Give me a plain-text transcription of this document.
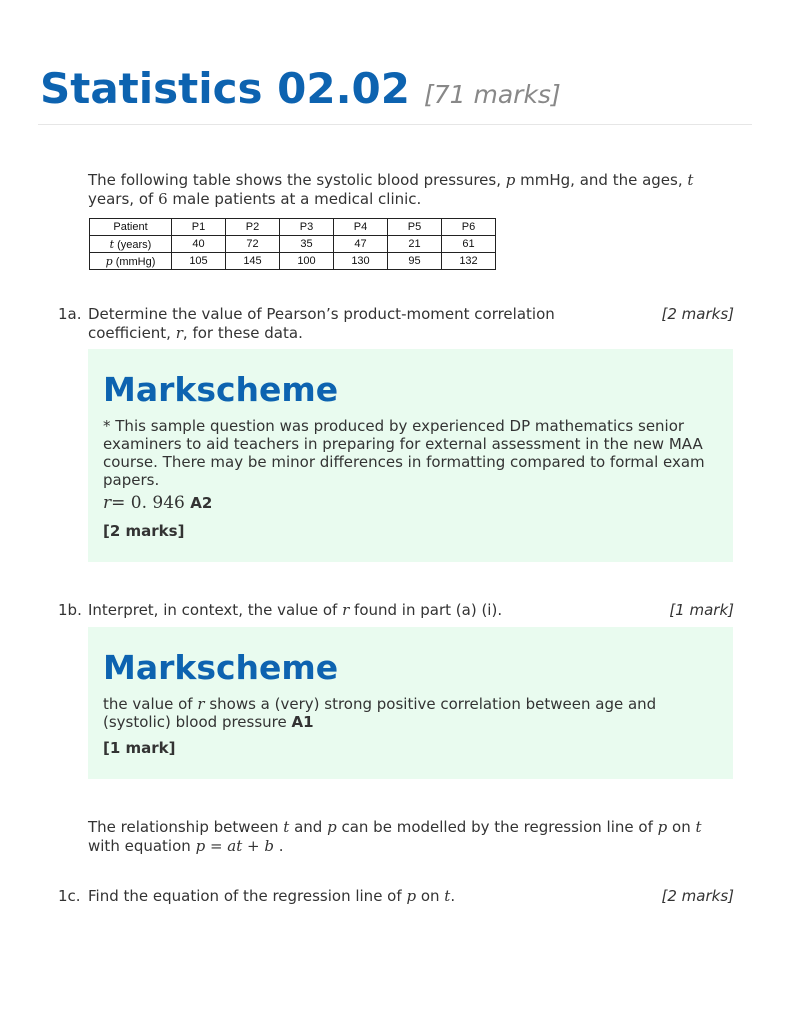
Statistics 02.02 [71 marks]
The following table shows the systolic blood pressures, p mmHg, and the ages, t years, of 6 male patients at a medical clinic.
Patient	P1	P2	P3	P4	P5	P6
t (years)	40	72	35	47	21	61
p (mmHg)	105	145	100	130	95	132
1a. Determine the value of Pearson’s product-moment correlation
coefficient, r, for these data.
[2 marks]
Markscheme
* This sample question was produced by experienced DP mathematics senior examiners to aid teachers in preparing for external assessment in the new MAA course. There may be minor differences in formatting compared to formal exam papers.
r= 0. 946 A2
[2 marks]
1b. Interpret, in context, the value of r found in part (a) (i).	[1 mark]
Markscheme
the value of r shows a (very) strong positive correlation between age and (systolic) blood pressure A1
[1 mark]
The relationship between t and p can be modelled by the regression line of p on t with equation p = at + b .
1c. Find the equation of the regression line of p on t.	[2 marks]
